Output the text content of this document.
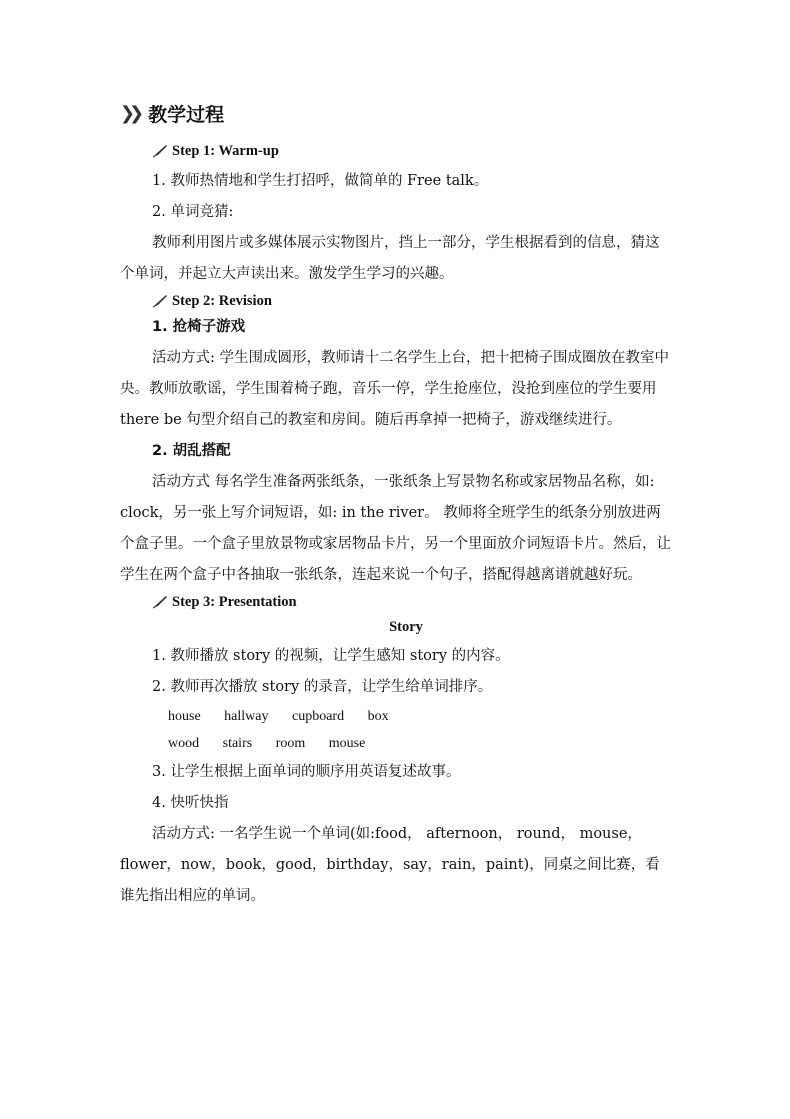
❯❯ 教学过程
Step 1: Warm-up
1. 教师热情地和学生打招呼，做简单的 Free talk。
2. 单词竞猜:
教师利用图片或多媒体展示实物图片，挡上一部分，学生根据看到的信息，猜这个单词，并起立大声读出来。激发学生学习的兴趣。
Step 2: Revision
1. 抢椅子游戏
活动方式: 学生围成圆形，教师请十二名学生上台，把十把椅子围成圈放在教室中央。教师放歌谣，学生围着椅子跑，音乐一停，学生抢座位，没抢到座位的学生要用 there be 句型介绍自己的教室和房间。随后再拿掉一把椅子，游戏继续进行。
2. 胡乱搭配
活动方式 每名学生准备两张纸条，一张纸条上写景物名称或家居物品名称，如: clock，另一张上写介词短语，如: in the river。 教师将全班学生的纸条分别放进两个盒子里。一个盒子里放景物或家居物品卡片，另一个里面放介词短语卡片。然后，让学生在两个盒子中各抽取一张纸条，连起来说一个句子，搭配得越离谱就越好玩。
Step 3: Presentation
Story
1. 教师播放 story 的视频，让学生感知 story 的内容。
2. 教师再次播放 story 的录音，让学生给单词排序。
house hallway cupboard box
wood stairs room mouse
3. 让学生根据上面单词的顺序用英语复述故事。
4. 快听快指
活动方式: 一名学生说一个单词(如:food， afternoon， round， mouse， flower，now，book，good，birthday，say，rain，paint)，同桌之间比赛，看谁先指出相应的单词。
